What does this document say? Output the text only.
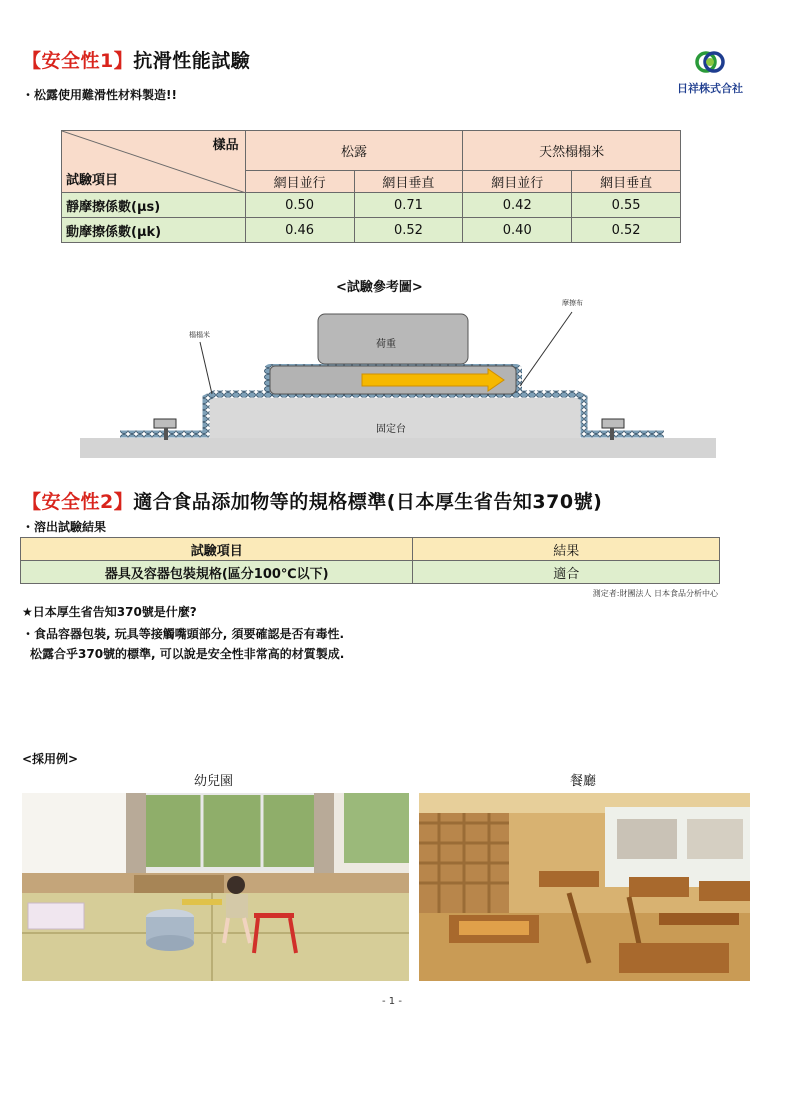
【安全性1】抗滑性能試驗
日祥株式合社
・松露使用難滑性材料製造!!
樣品
試驗項目	松露		天然榻榻米	
	網目並行	網目垂直	網目並行	網目垂直
靜摩擦係數(μs)	0.50	0.71	0.42	0.55
動摩擦係數(μk)	0.46	0.52	0.40	0.52
<試驗參考圖>
榻榻米
摩擦布
荷重
固定台
【安全性2】適合食品添加物等的規格標準(日本厚生省告知370號)
・溶出試驗結果
試驗項目	結果
器具及容器包裝規格(區分100℃以下)	適合
測定者:財團法人 日本食品分析中心
★日本厚生省告知370號是什麼?
・食品容器包裝, 玩具等接觸嘴頭部分, 須要確認是否有毒性.
松露合乎370號的標準, 可以說是安全性非常高的材質製成.
<採用例>
幼兒園	餐廳
- 1 -
